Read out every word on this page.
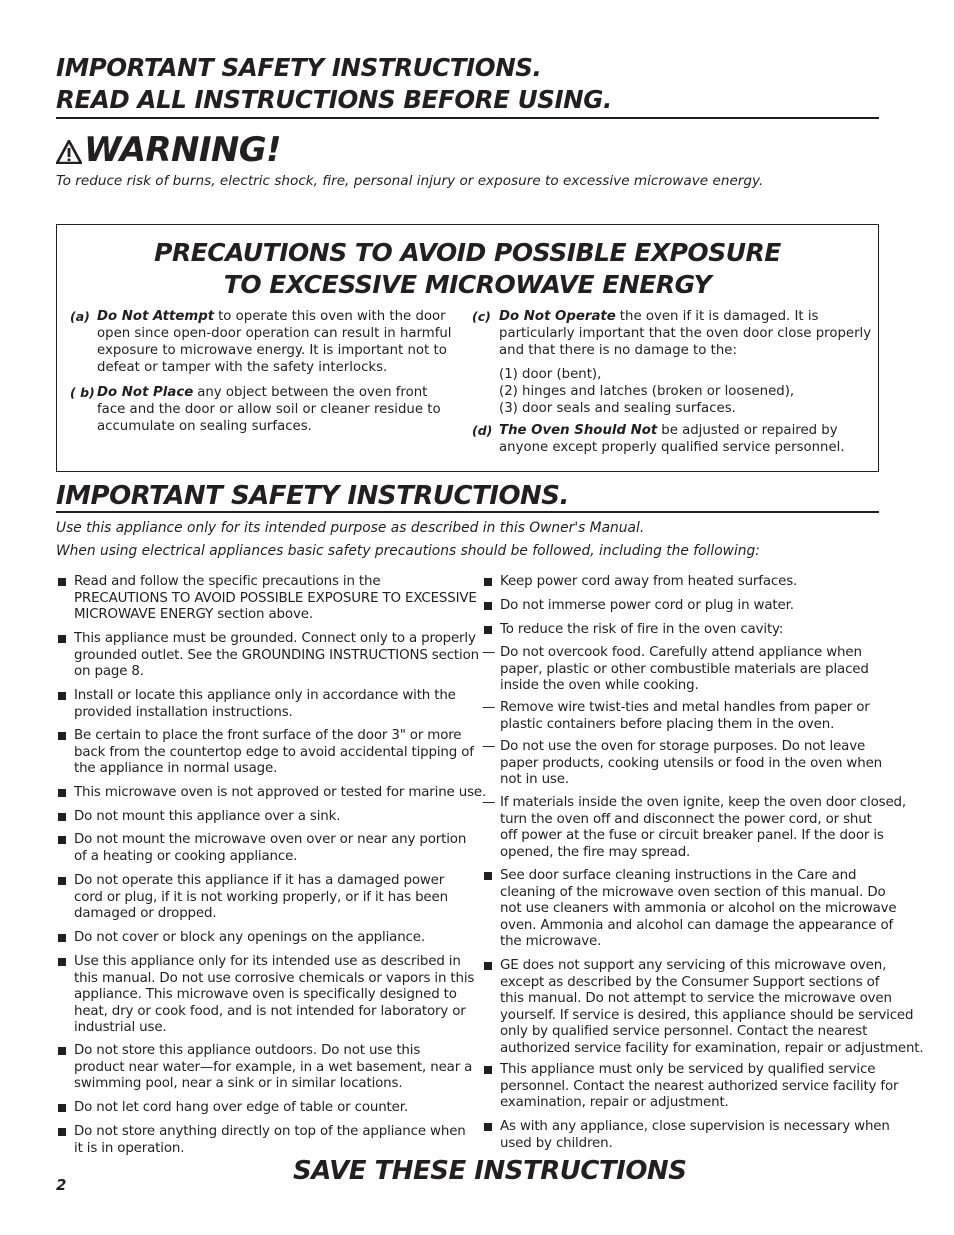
IMPORTANT SAFETY INSTRUCTIONS.
READ ALL INSTRUCTIONS BEFORE USING.
WARNING!
To reduce risk of burns, electric shock, fire, personal injury or exposure to excessive microwave energy.
PRECAUTIONS TO AVOID POSSIBLE EXPOSURE
TO EXCESSIVE MICROWAVE ENERGY
IMPORTANT SAFETY INSTRUCTIONS.
Use this appliance only for its intended purpose as described in this Owner's Manual.
When using electrical appliances basic safety precautions should be followed, including the following:
SAVE THESE INSTRUCTIONS
2
(a) Do Not Attempt to operate this oven with the door
open since open-door operation can result in harmful
exposure to microwave energy. It is important not to
defeat or tamper with the safety interlocks.
( b) Do Not Place any object between the oven front
face and the door or allow soil or cleaner residue to
accumulate on sealing surfaces.
(c) Do Not Operate the oven if it is damaged. It is
particularly important that the oven door close properly
and that there is no damage to the:
(1) door (bent),
(2) hinges and latches (broken or loosened),
(3) door seals and sealing surfaces.
(d) The Oven Should Not be adjusted or repaired by
anyone except properly qualified service personnel.
Read and follow the specific precautions in the
PRECAUTIONS TO AVOID POSSIBLE EXPOSURE TO EXCESSIVE
MICROWAVE ENERGY section above.
This appliance must be grounded. Connect only to a properly
grounded outlet. See the GROUNDING INSTRUCTIONS section
on page 8.
Install or locate this appliance only in accordance with the
provided installation instructions.
Be certain to place the front surface of the door 3" or more
back from the countertop edge to avoid accidental tipping of
the appliance in normal usage.
This microwave oven is not approved or tested for marine use.
Do not mount this appliance over a sink.
Do not mount the microwave oven over or near any portion
of a heating or cooking appliance.
Do not operate this appliance if it has a damaged power
cord or plug, if it is not working properly, or if it has been
damaged or dropped.
Do not cover or block any openings on the appliance.
Use this appliance only for its intended use as described in
this manual. Do not use corrosive chemicals or vapors in this
appliance. This microwave oven is specifically designed to
heat, dry or cook food, and is not intended for laboratory or
industrial use.
Do not store this appliance outdoors. Do not use this
product near water—for example, in a wet basement, near a
swimming pool, near a sink or in similar locations.
Do not let cord hang over edge of table or counter.
Do not store anything directly on top of the appliance when
it is in operation.
Keep power cord away from heated surfaces.
Do not immerse power cord or plug in water.
To reduce the risk of fire in the oven cavity:
— Do not overcook food. Carefully attend appliance when
paper, plastic or other combustible materials are placed
inside the oven while cooking.
— Remove wire twist-ties and metal handles from paper or
plastic containers before placing them in the oven.
— Do not use the oven for storage purposes. Do not leave
paper products, cooking utensils or food in the oven when
not in use.
— If materials inside the oven ignite, keep the oven door closed,
turn the oven off and disconnect the power cord, or shut
off power at the fuse or circuit breaker panel. If the door is
opened, the fire may spread.
See door surface cleaning instructions in the Care and
cleaning of the microwave oven section of this manual. Do
not use cleaners with ammonia or alcohol on the microwave
oven. Ammonia and alcohol can damage the appearance of
the microwave.
GE does not support any servicing of this microwave oven,
except as described by the Consumer Support sections of
this manual. Do not attempt to service the microwave oven
yourself. If service is desired, this appliance should be serviced
only by qualified service personnel. Contact the nearest
authorized service facility for examination, repair or adjustment.
This appliance must only be serviced by qualified service
personnel. Contact the nearest authorized service facility for
examination, repair or adjustment.
As with any appliance, close supervision is necessary when
used by children.
